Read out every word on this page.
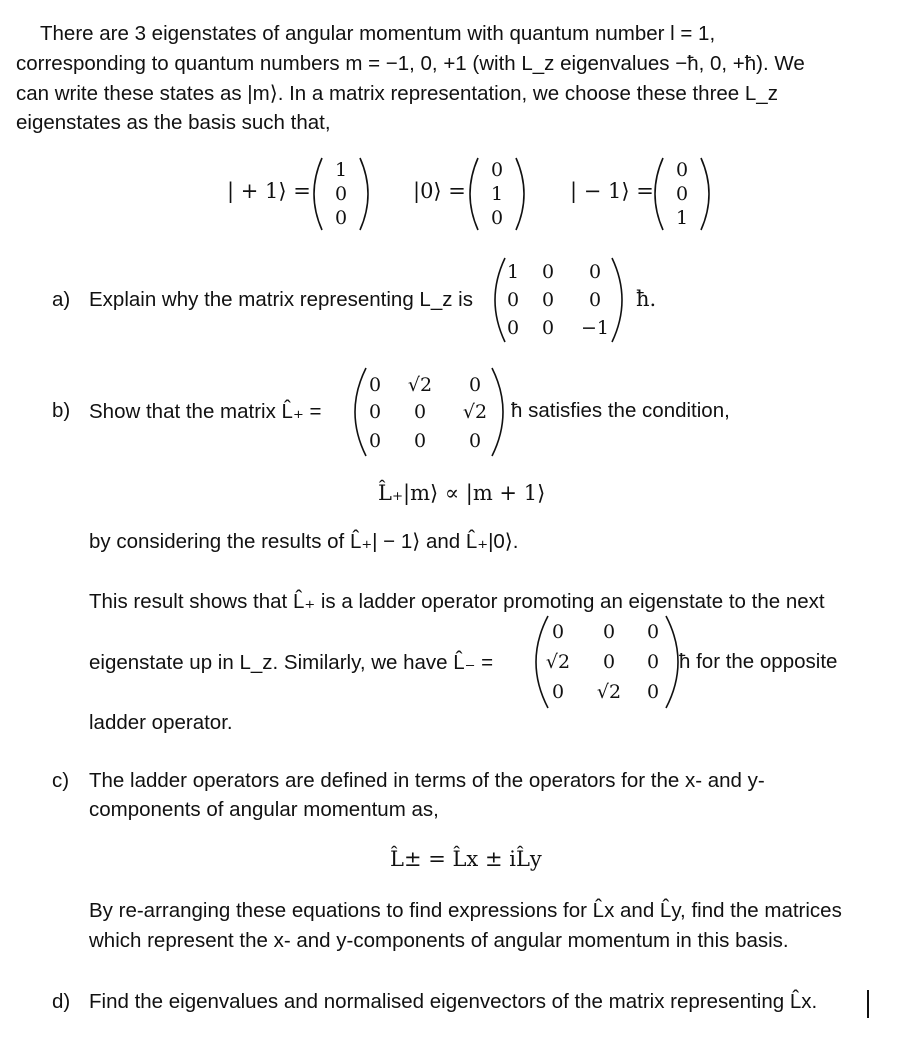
There are 3 eigenstates of angular momentum with quantum number l = 1,
corresponding to quantum numbers m = −1, 0, +1 (with L_z eigenvalues −ħ, 0, +ħ). We
can write these states as |m⟩. In a matrix representation, we choose these three L_z
eigenstates as the basis such that,
| + 1⟩ =
1
0
0
|0⟩ =
0
1
0
| − 1⟩ =
0
0
1
a) Explain why the matrix representing L_z is
1	0	0
0	0	0
0	0	−1
ħ.
b) Show that the matrix L̂₊ =
0	√2	0
0	0	√2
0	0	0
ħ satisfies the condition,
L̂₊|m⟩ ∝ |m + 1⟩
by considering the results of L̂₊| − 1⟩ and L̂₊|0⟩.
This result shows that L̂₊ is a ladder operator promoting an eigenstate to the next
eigenstate up in L_z. Similarly, we have L̂₋ =
0	0	0
√2	0	0
0	√2	0
ħ for the opposite
ladder operator.
c) The ladder operators are defined in terms of the operators for the x- and y-
components of angular momentum as,
L̂± = L̂x ± iL̂y
By re-arranging these equations to find expressions for L̂x and L̂y, find the matrices
which represent the x- and y-components of angular momentum in this basis.
d) Find the eigenvalues and normalised eigenvectors of the matrix representing L̂x.
